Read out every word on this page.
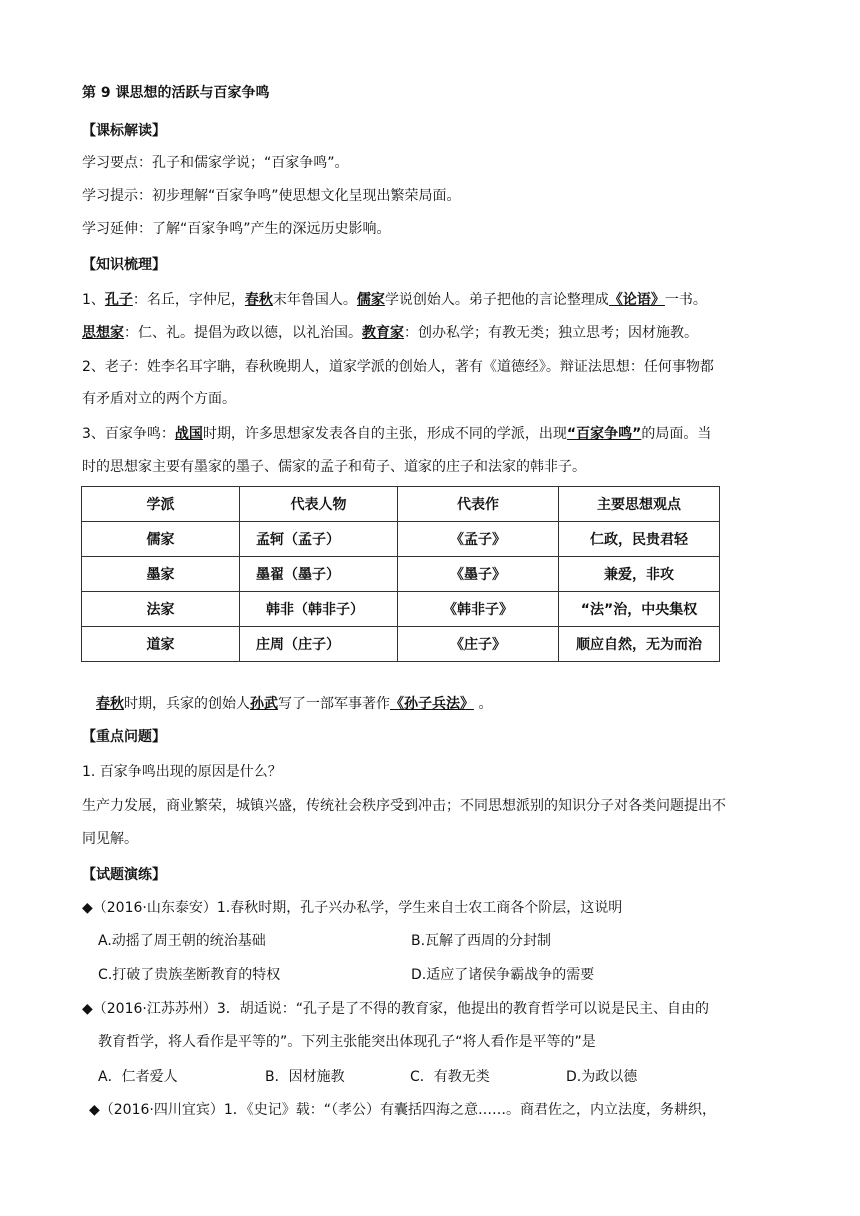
第 9 课思想的活跃与百家争鸣
【课标解读】
学习要点：孔子和儒家学说；“百家争鸣”。
学习提示：初步理解“百家争鸣”使思想文化呈现出繁荣局面。
学习延伸：了解“百家争鸣”产生的深远历史影响。
【知识梳理】
1、孔子：名丘，字仲尼，春秋末年鲁国人。儒家学说创始人。弟子把他的言论整理成《论语》一书。
思想家：仁、礼。提倡为政以德，以礼治国。教育家：创办私学；有教无类；独立思考；因材施教。
2、老子：姓李名耳字聃，春秋晚期人，道家学派的创始人，著有《道德经》。辩证法思想：任何事物都
有矛盾对立的两个方面。
3、百家争鸣：战国时期，许多思想家发表各自的主张，形成不同的学派，出现“百家争鸣”的局面。当
时的思想家主要有墨家的墨子、儒家的孟子和荀子、道家的庄子和法家的韩非子。
学派	代表人物	代表作	主要思想观点
儒家	孟轲（孟子）	《孟子》	仁政，民贵君轻
墨家	墨翟（墨子）	《墨子》	兼爱，非攻
法家	韩非（韩非子）	《韩非子》	“法”治，中央集权
道家	庄周（庄子）	《庄子》	顺应自然，无为而治
春秋时期，兵家的创始人孙武写了一部军事著作《孙子兵法》 。
【重点问题】
1. 百家争鸣出现的原因是什么？
生产力发展，商业繁荣，城镇兴盛，传统社会秩序受到冲击；不同思想派别的知识分子对各类问题提出不
同见解。
【试题演练】
◆（2016·山东泰安）1.春秋时期，孔子兴办私学，学生来自士农工商各个阶层，这说明
A.动摇了周王朝的统治基础	B.瓦解了西周的分封制
C.打破了贵族垄断教育的特权	D.适应了诸侯争霸战争的需要
◆（2016·江苏苏州）3．胡适说：“孔子是了不得的教育家，他提出的教育哲学可以说是民主、自由的
教育哲学，将人看作是平等的”。下列主张能突出体现孔子“将人看作是平等的”是
A．仁者爱人	B．因材施教	C．有教无类	D.为政以德
◆（2016·四川宜宾）1．《史记》载：“（孝公）有囊括四海之意……。商君佐之，内立法度，务耕织，
